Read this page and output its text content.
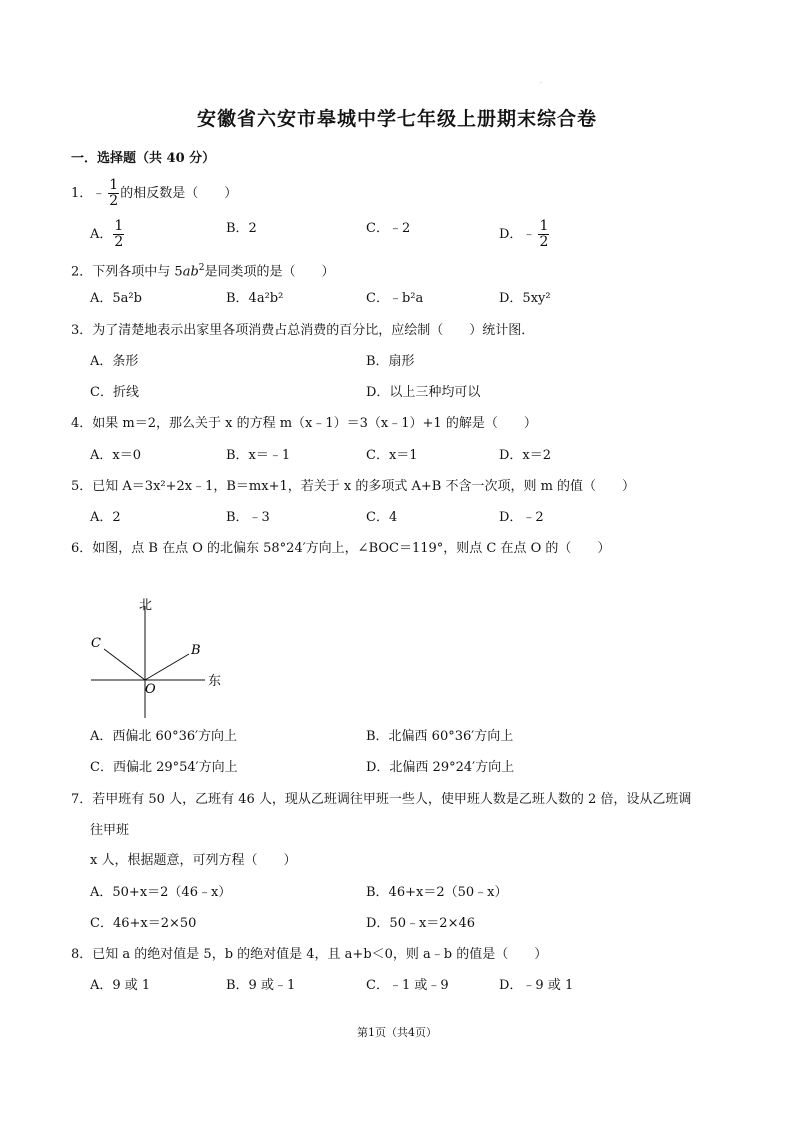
·
安徽省六安市皋城中学七年级上册期末综合卷
一．选择题（共 40 分）
1．﹣ $\frac{1}{2}$ 的相反数是（　　）
A． $\frac{1}{2}$	B．2	C．﹣2	D．﹣ $\frac{1}{2}$
2．下列各项中与 $5ab^2$是同类项的是（　　）
A．5a²b	B．4a²b²	C．﹣b²a	D．5xy²
3．为了清楚地表示出家里各项消费占总消费的百分比，应绘制（　　）统计图．
A．条形	B．扇形
C．折线	D．以上三种均可以
4．如果 m＝2，那么关于 x 的方程 m（x﹣1）＝3（x﹣1）+1 的解是（　　）
A．x＝0	B．x＝﹣1	C．x＝1	D．x＝2
5．已知 A＝3x²+2x﹣1，B＝mx+1，若关于 x 的多项式 A+B 不含一次项，则 m 的值（　　）
A．2	B．﹣3	C．4	D．﹣2
6．如图，点 B 在点 O 的北偏东 58°24′方向上，∠BOC＝119°，则点 C 在点 O 的（　　）
北
东
C	B
O
A．西偏北 60°36′方向上	B．北偏西 60°36′方向上
C．西偏北 29°54′方向上	D．北偏西 29°24′方向上
7．若甲班有 50 人，乙班有 46 人，现从乙班调往甲班一些人，使甲班人数是乙班人数的 2 倍，设从乙班调
往甲班
x 人，根据题意，可列方程（　　）
A．50+x＝2（46﹣x）	B．46+x＝2（50﹣x）
C．46+x＝2×50	D．50﹣x＝2×46
8．已知 a 的绝对值是 5，b 的绝对值是 4，且 a+b＜0，则 a﹣b 的值是（　　）
A．9 或 1	B．9 或﹣1	C．﹣1 或﹣9	D．﹣9 或 1
第1页（共4页）
